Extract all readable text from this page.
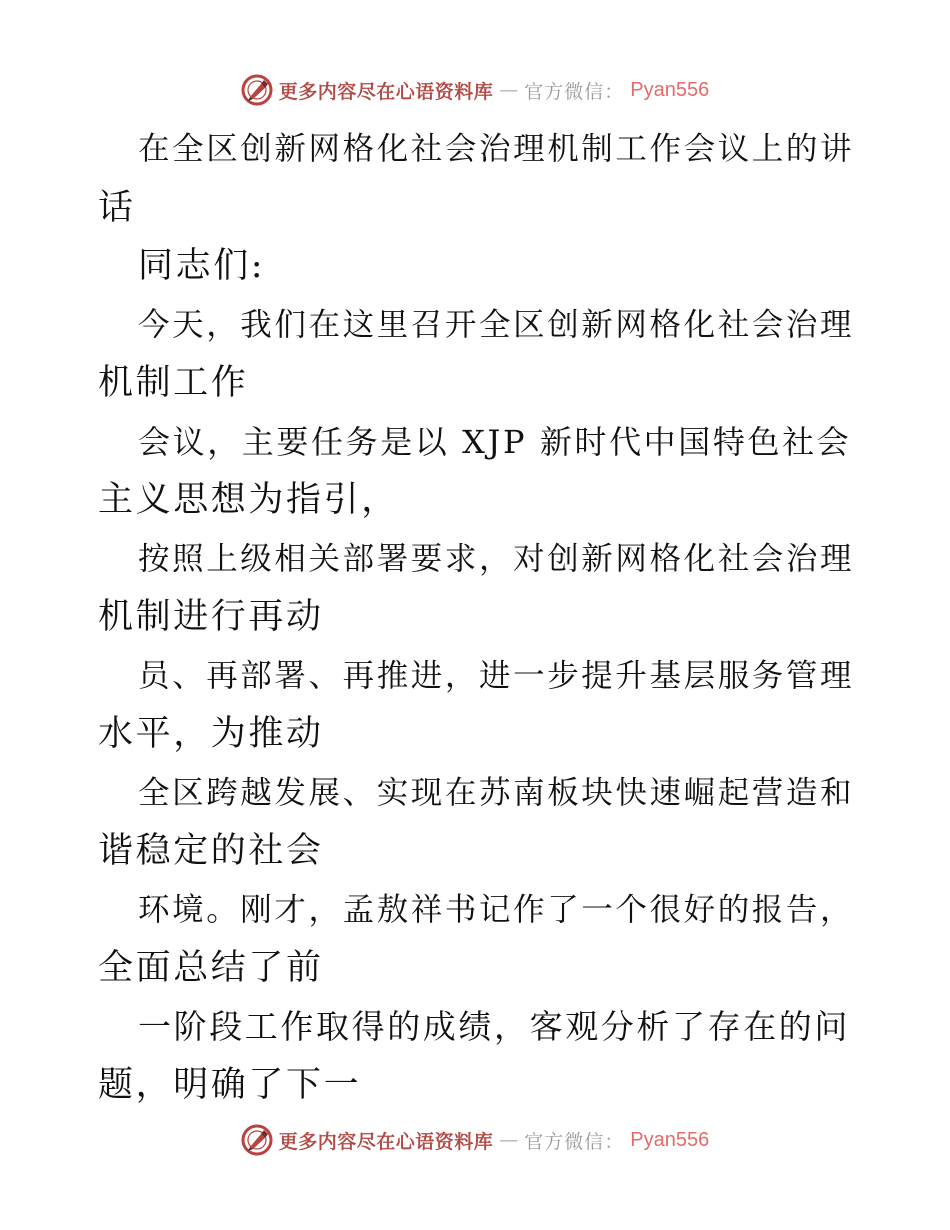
更多内容尽在心语资料库 — 官方微信： Pyan556
在全区创新网格化社会治理机制工作会议上的讲
话
同志们:
今天，我们在这里召开全区创新网格化社会治理
机制工作
会议，主要任务是以 XJP 新时代中国特色社会
主义思想为指引，
按照上级相关部署要求，对创新网格化社会治理
机制进行再动
员、再部署、再推进，进一步提升基层服务管理
水平，为推动
全区跨越发展、实现在苏南板块快速崛起营造和
谐稳定的社会
环境。刚才，孟敖祥书记作了一个很好的报告，
全面总结了前
一阶段工作取得的成绩，客观分析了存在的问
题，明确了下一
更多内容尽在心语资料库 — 官方微信： Pyan556
